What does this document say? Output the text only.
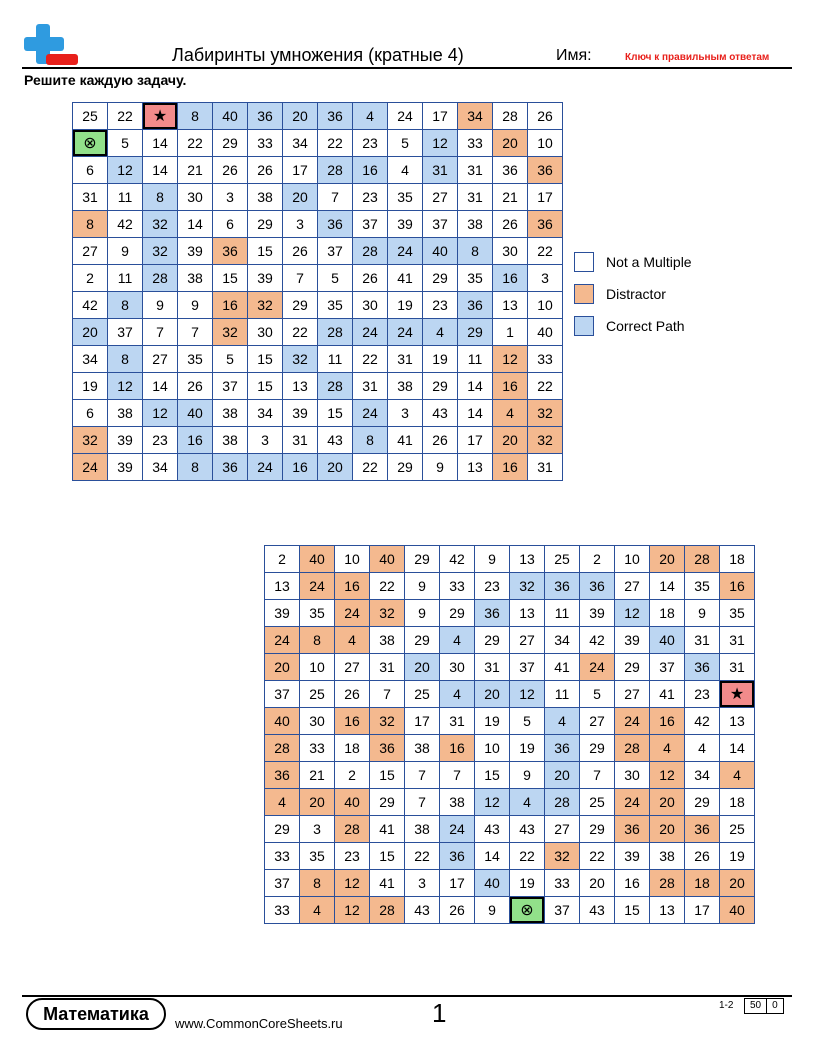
Лабиринты умножения (кратные 4)	Имя:	Ключ к правильным ответам
Решите каждую задачу.
25	22	★	8	40	36	20	36	4	24	17	34	28	26
⊗	5	14	22	29	33	34	22	23	5	12	33	20	10
6	12	14	21	26	26	17	28	16	4	31	31	36	36
31	11	8	30	3	38	20	7	23	35	27	31	21	17
8	42	32	14	6	29	3	36	37	39	37	38	26	36
27	9	32	39	36	15	26	37	28	24	40	8	30	22
2	11	28	38	15	39	7	5	26	41	29	35	16	3
42	8	9	9	16	32	29	35	30	19	23	36	13	10
20	37	7	7	32	30	22	28	24	24	4	29	1	40
34	8	27	35	5	15	32	11	22	31	19	11	12	33
19	12	14	26	37	15	13	28	31	38	29	14	16	22
6	38	12	40	38	34	39	15	24	3	43	14	4	32
32	39	23	16	38	3	31	43	8	41	26	17	20	32
24	39	34	8	36	24	16	20	22	29	9	13	16	31
2	40	10	40	29	42	9	13	25	2	10	20	28	18
13	24	16	22	9	33	23	32	36	36	27	14	35	16
39	35	24	32	9	29	36	13	11	39	12	18	9	35
24	8	4	38	29	4	29	27	34	42	39	40	31	31
20	10	27	31	20	30	31	37	41	24	29	37	36	31
37	25	26	7	25	4	20	12	11	5	27	41	23	★
40	30	16	32	17	31	19	5	4	27	24	16	42	13
28	33	18	36	38	16	10	19	36	29	28	4	4	14
36	21	2	15	7	7	15	9	20	7	30	12	34	4
4	20	40	29	7	38	12	4	28	25	24	20	29	18
29	3	28	41	38	24	43	43	27	29	36	20	36	25
33	35	23	15	22	36	14	22	32	22	39	38	26	19
37	8	12	41	3	17	40	19	33	20	16	28	18	20
33	4	12	28	43	26	9	⊗	37	43	15	13	17	40
Not a Multiple
Distractor
Correct Path
Математика	www.CommonCoreSheets.ru	1	1-2	50	0
